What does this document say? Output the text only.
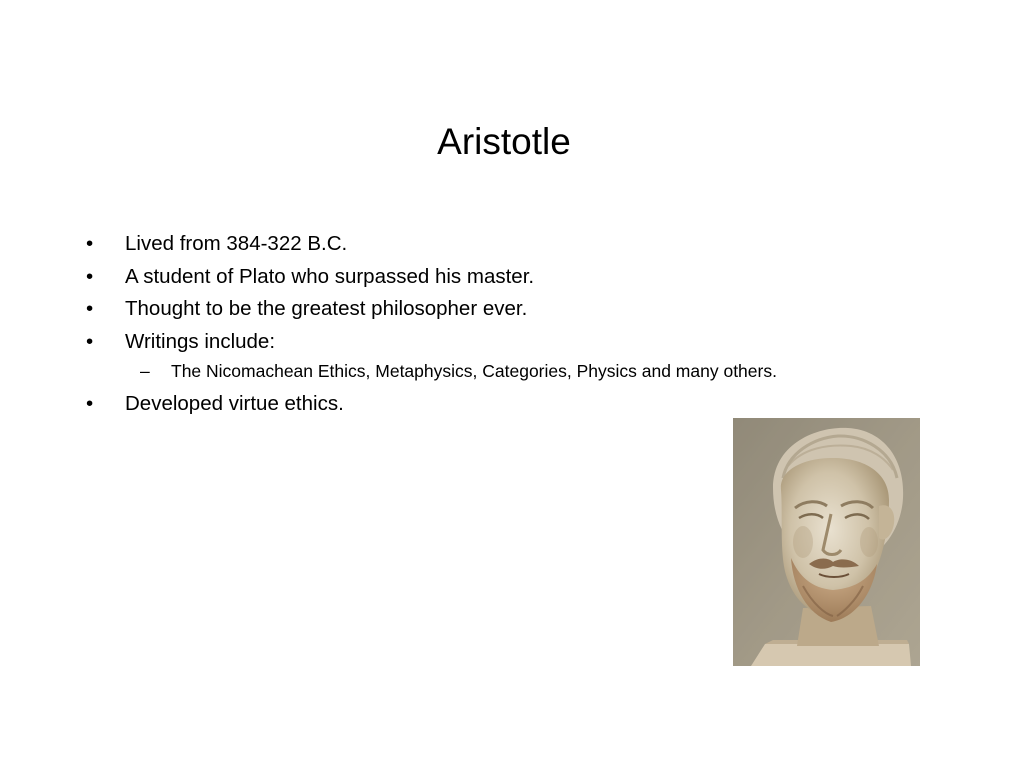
Aristotle
• Lived from 384-322 B.C.
• A student of Plato who surpassed his master.
• Thought to be the greatest philosopher ever.
• Writings include:
– The Nicomachean Ethics, Metaphysics, Categories, Physics and many others.
• Developed virtue ethics.
